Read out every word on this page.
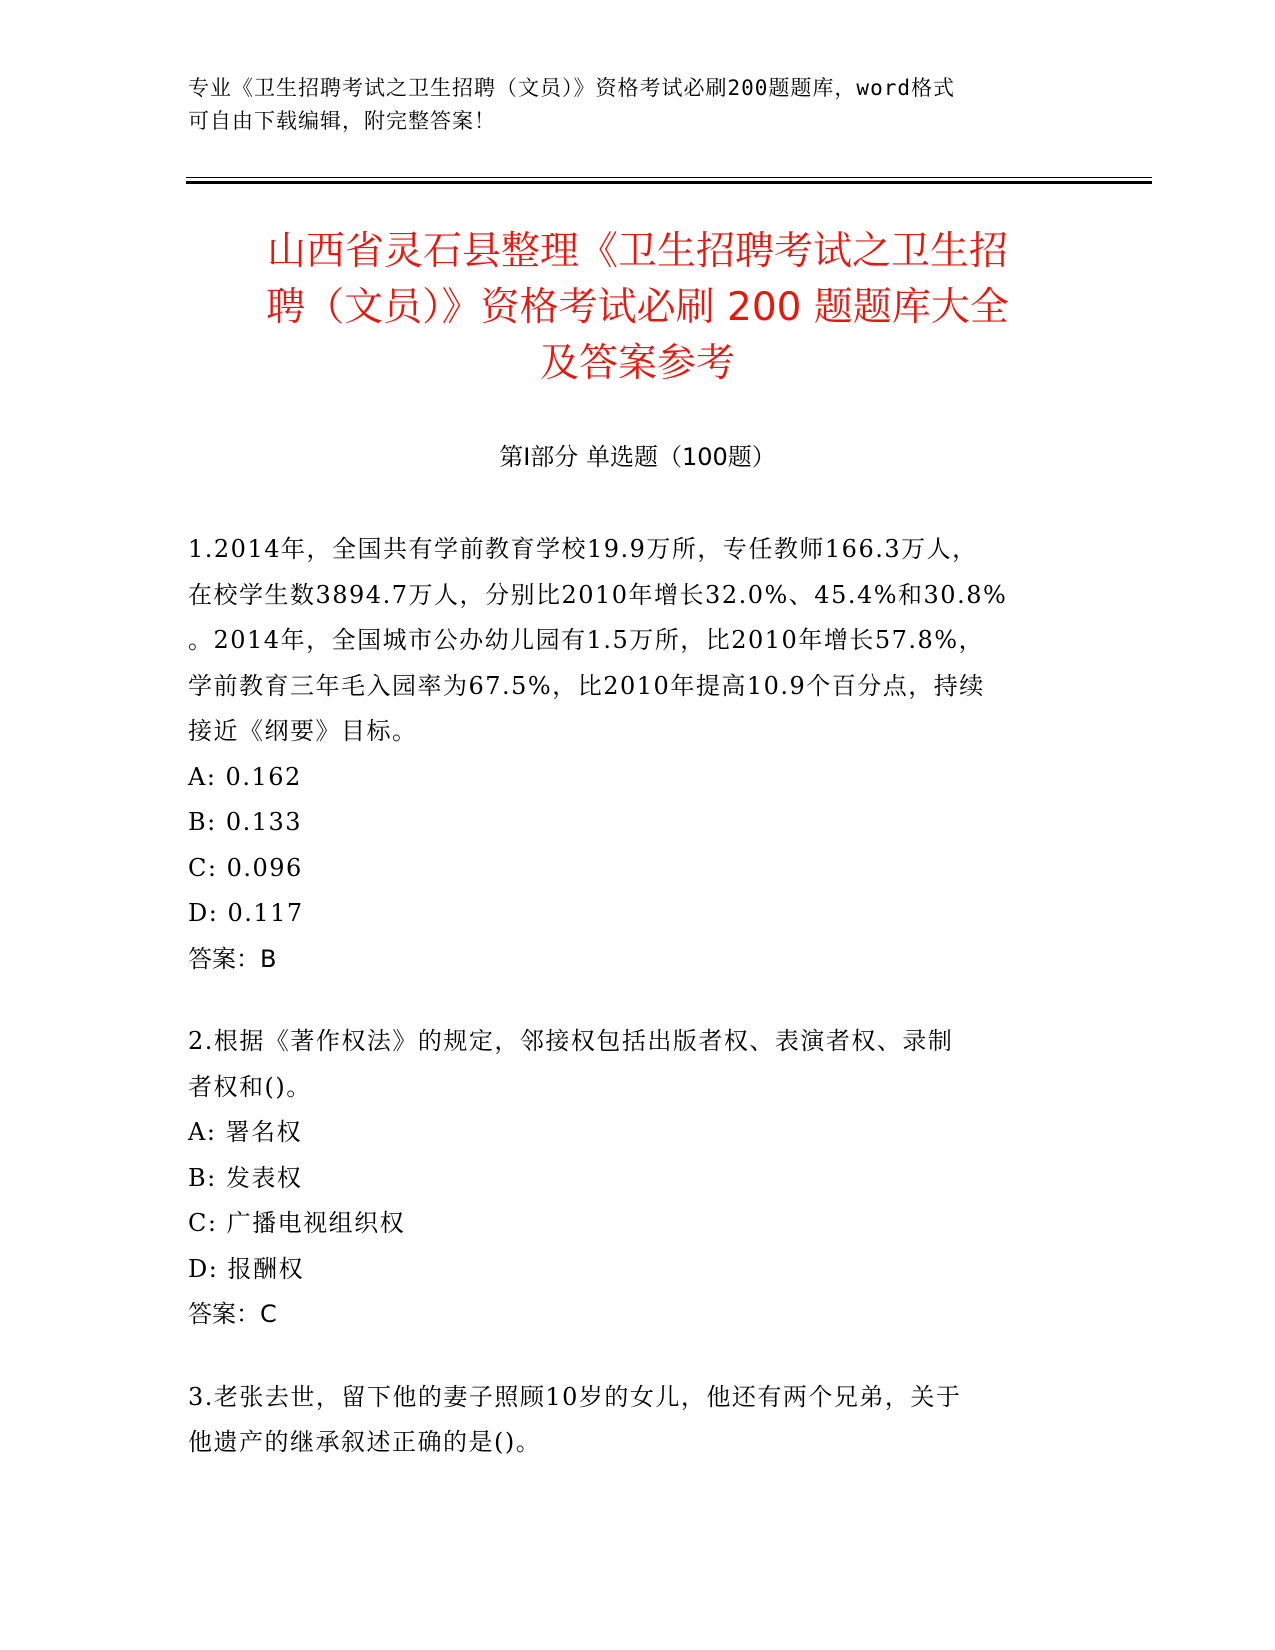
专业《卫生招聘考试之卫生招聘（文员）》资格考试必刷200题题库，word格式
可自由下载编辑，附完整答案！
山西省灵石县整理《卫生招聘考试之卫生招
聘（文员）》资格考试必刷 200 题题库大全
及答案参考
第Ⅰ部分 单选题（100题）

1.2014年，全国共有学前教育学校19.9万所，专任教师166.3万人，

在校学生数3894.7万人，分别比2010年增长32.0%、45.4%和30.8%

。2014年，全国城市公办幼儿园有1.5万所，比2010年增长57.8%，

学前教育三年毛入园率为67.5%，比2010年提高10.9个百分点，持续

接近《纲要》目标。

A: 0.162

B: 0.133

C: 0.096

D: 0.117

答案：B

2.根据《著作权法》的规定，邻接权包括出版者权、表演者权、录制

者权和()。

A: 署名权

B: 发表权

C: 广播电视组织权

D: 报酬权

答案：C

3.老张去世，留下他的妻子照顾10岁的女儿，他还有两个兄弟，关于

他遗产的继承叙述正确的是()。
